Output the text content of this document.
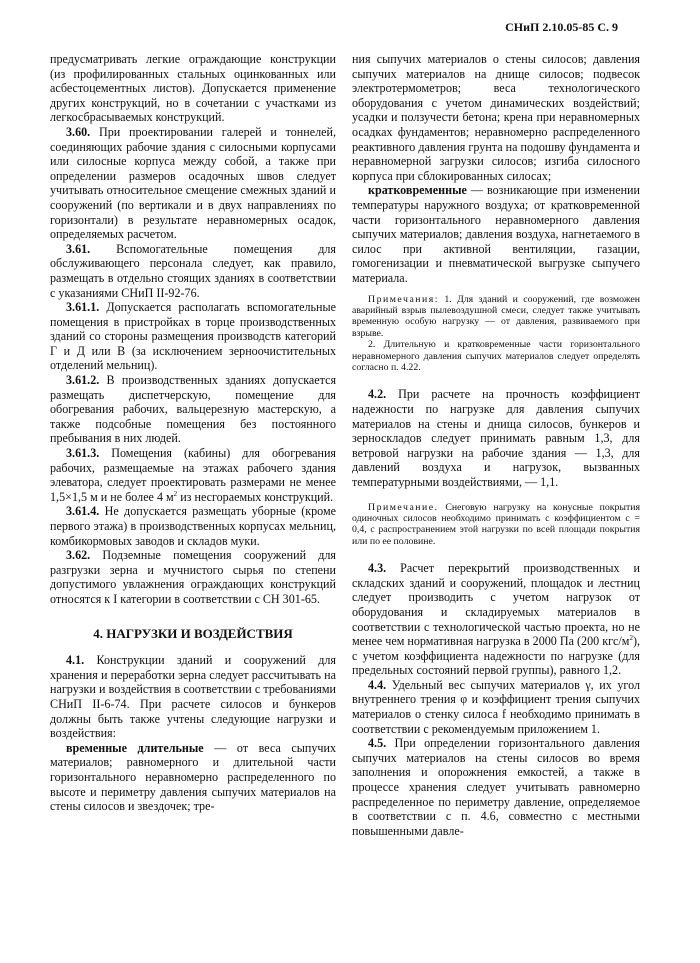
СНиП 2.10.05-85 С. 9

предусматривать легкие ограждающие конструкции (из профилированных стальных оцинкованных или асбестоцементных листов). Допускается применение других конструкций, но в сочетании с участками из легкосбрасываемых конструкций.

3.60. При проектировании галерей и тоннелей, соединяющих рабочие здания с силосными корпусами или силосные корпуса между собой, а также при определении размеров осадочных швов следует учитывать относительное смещение смежных зданий и сооружений (по вертикали и в двух направлениях по горизонтали) в результате неравномерных осадок, определяемых расчетом.

3.61. Вспомогательные помещения для обслуживающего персонала следует, как правило, размещать в отдельно стоящих зданиях в соответствии с указаниями СНиП II-92-76.

3.61.1. Допускается располагать вспомогательные помещения в пристройках в торце производственных зданий со стороны размещения производств категорий Г и Д или В (за исключением зерноочистительных отделений мельниц).

3.61.2. В производственных зданиях допускается размещать диспетчерскую, помещение для обогревания рабочих, вальцерезную мастерскую, а также подсобные помещения без постоянного пребывания в них людей.

3.61.3. Помещения (кабины) для обогревания рабочих, размещаемые на этажах рабочего здания элеватора, следует проектировать размерами не менее 1,5×1,5 м и не более 4 $м^2$ из несгораемых конструкций.

3.61.4. Не допускается размещать уборные (кроме первого этажа) в производственных корпусах мельниц, комбикормовых заводов и складов муки.

3.62. Подземные помещения сооружений для разгрузки зерна и мучнистого сырья по степени допустимого увлажнения ограждающих конструкций относятся к I категории в соответствии с СН 301-65.

4. НАГРУЗКИ И ВОЗДЕЙСТВИЯ

4.1. Конструкции зданий и сооружений для хранения и переработки зерна следует рассчитывать на нагрузки и воздействия в соответствии с требованиями СНиП II-6-74. При расчете силосов и бункеров должны быть также учтены следующие нагрузки и воздействия:

временные длительные — от веса сыпучих материалов; равномерного и длительной части горизонтального неравномерно распределенного по высоте и периметру давления сыпучих материалов на стены силосов и звездочек; тре-

ния сыпучих материалов о стены силосов; давления сыпучих материалов на днище силосов; подвесок электротермометров; веса технологического оборудования с учетом динамических воздействий; усадки и ползучести бетона; крена при неравномерных осадках фундаментов; неравномерно распределенного реактивного давления грунта на подошву фундамента и неравномерной загрузки силосов; изгиба силосного корпуса при сблокированных силосах;

кратковременные — возникающие при изменении температуры наружного воздуха; от кратковременной части горизонтального неравномерного давления сыпучих материалов; давления воздуха, нагнетаемого в силос при активной вентиляции, газации, гомогенизации и пневматической выгрузке сыпучего материала.

Примечания: 1. Для зданий и сооружений, где возможен аварийный взрыв пылевоздушной смеси, следует также учитывать временную особую нагрузку — от давления, развиваемого при взрыве.

2. Длительную и кратковременные части горизонтального неравномерного давления сыпучих материалов следует определять согласно п. 4.22.

4.2. При расчете на прочность коэффициент надежности по нагрузке для давления сыпучих материалов на стены и днища силосов, бункеров и зерноскладов следует принимать равным 1,3, для ветровой нагрузки на рабочие здания — 1,3, для давлений воздуха и нагрузок, вызванных температурными воздействиями, — 1,1.

Примечание. Снеговую нагрузку на конусные покрытия одиночных силосов необходимо принимать с коэффициентом c = 0,4, с распространением этой нагрузки по всей площади покрытия или по ее половине.

4.3. Расчет перекрытий производственных и складских зданий и сооружений, площадок и лестниц следует производить с учетом нагрузок от оборудования и складируемых материалов в соответствии с технологической частью проекта, но не менее чем нормативная нагрузка в 2000 Па (200 кгс/$м^2$), с учетом коэффициента надежности по нагрузке (для предельных состояний первой группы), равного 1,2.

4.4. Удельный вес сыпучих материалов γ, их угол внутреннего трения φ и коэффициент трения сыпучих материалов о стенку силоса f необходимо принимать в соответствии с рекомендуемым приложением 1.

4.5. При определении горизонтального давления сыпучих материалов на стены силосов во время заполнения и опорожнения емкостей, а также в процессе хранения следует учитывать равномерно распределенное по периметру давление, определяемое в соответствии с п. 4.6, совместно с местными повышенными давле-
